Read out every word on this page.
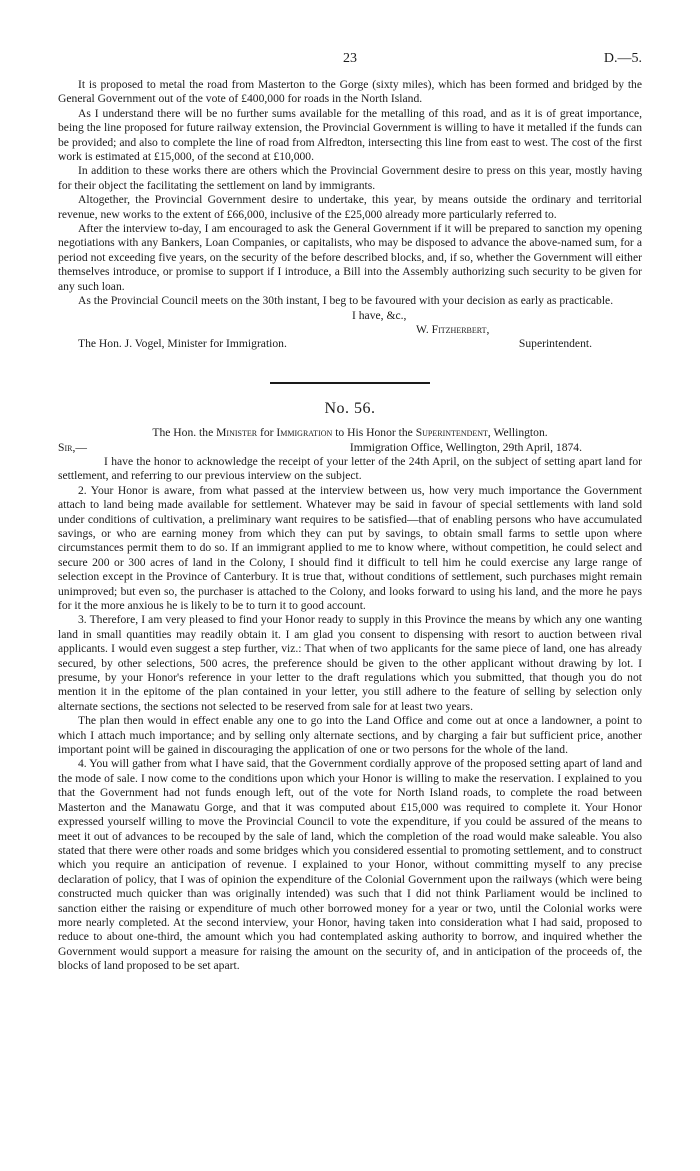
23	D.—5.

It is proposed to metal the road from Masterton to the Gorge (sixty miles), which has been formed and bridged by the General Government out of the vote of £400,000 for roads in the North Island.

As I understand there will be no further sums available for the metalling of this road, and as it is of great importance, being the line proposed for future railway extension, the Provincial Government is willing to have it metalled if the funds can be provided; and also to complete the line of road from Alfredton, intersecting this line from east to west. The cost of the first work is estimated at £15,000, of the second at £10,000.

In addition to these works there are others which the Provincial Government desire to press on this year, mostly having for their object the facilitating the settlement on land by immigrants.

Altogether, the Provincial Government desire to undertake, this year, by means outside the ordinary and territorial revenue, new works to the extent of £66,000, inclusive of the £25,000 already more particularly referred to.

After the interview to-day, I am encouraged to ask the General Government if it will be prepared to sanction my opening negotiations with any Bankers, Loan Companies, or capitalists, who may be disposed to advance the above-named sum, for a period not exceeding five years, on the security of the before described blocks, and, if so, whether the Government will either themselves introduce, or promise to support if I introduce, a Bill into the Assembly authorizing such security to be given for any such loan.

As the Provincial Council meets on the 30th instant, I beg to be favoured with your decision as early as practicable.

I have, &c.,
W. Fitzherbert,
The Hon. J. Vogel, Minister for Immigration.	Superintendent.
No. 56.

The Hon. the Minister for Immigration to His Honor the Superintendent, Wellington.

Sir,—	Immigration Office, Wellington, 29th April, 1874.

I have the honor to acknowledge the receipt of your letter of the 24th April, on the subject of setting apart land for settlement, and referring to our previous interview on the subject.

2. Your Honor is aware, from what passed at the interview between us, how very much importance the Government attach to land being made available for settlement. Whatever may be said in favour of special settlements with land sold under conditions of cultivation, a preliminary want requires to be satisfied—that of enabling persons who have accumulated savings, or who are earning money from which they can put by savings, to obtain small farms to settle upon where circumstances permit them to do so. If an immigrant applied to me to know where, without competition, he could select and secure 200 or 300 acres of land in the Colony, I should find it difficult to tell him he could exercise any large range of selection except in the Province of Canterbury. It is true that, without conditions of settlement, such purchases might remain unimproved; but even so, the purchaser is attached to the Colony, and looks forward to using his land, and the more he pays for it the more anxious he is likely to be to turn it to good account.

3. Therefore, I am very pleased to find your Honor ready to supply in this Province the means by which any one wanting land in small quantities may readily obtain it. I am glad you consent to dispensing with resort to auction between rival applicants. I would even suggest a step further, viz.: That when of two applicants for the same piece of land, one has already secured, by other selections, 500 acres, the preference should be given to the other applicant without drawing by lot. I presume, by your Honor's reference in your letter to the draft regulations which you submitted, that though you do not mention it in the epitome of the plan contained in your letter, you still adhere to the feature of selling by selection only alternate sections, the sections not selected to be reserved from sale for at least two years.

The plan then would in effect enable any one to go into the Land Office and come out at once a landowner, a point to which I attach much importance; and by selling only alternate sections, and by charging a fair but sufficient price, another important point will be gained in discouraging the application of one or two persons for the whole of the land.

4. You will gather from what I have said, that the Government cordially approve of the proposed setting apart of land and the mode of sale. I now come to the conditions upon which your Honor is willing to make the reservation. I explained to you that the Government had not funds enough left, out of the vote for North Island roads, to complete the road between Masterton and the Manawatu Gorge, and that it was computed about £15,000 was required to complete it. Your Honor expressed yourself willing to move the Provincial Council to vote the expenditure, if you could be assured of the means to meet it out of advances to be recouped by the sale of land, which the completion of the road would make saleable. You also stated that there were other roads and some bridges which you considered essential to promoting settlement, and to construct which you require an anticipation of revenue. I explained to your Honor, without committing myself to any precise declaration of policy, that I was of opinion the expenditure of the Colonial Government upon the railways (which were being constructed much quicker than was originally intended) was such that I did not think Parliament would be inclined to sanction either the raising or expenditure of much other borrowed money for a year or two, until the Colonial works were more nearly completed. At the second interview, your Honor, having taken into consideration what I had said, proposed to reduce to about one-third, the amount which you had contemplated asking authority to borrow, and inquired whether the Government would support a measure for raising the amount on the security of, and in anticipation of the proceeds of, the blocks of land proposed to be set apart.
